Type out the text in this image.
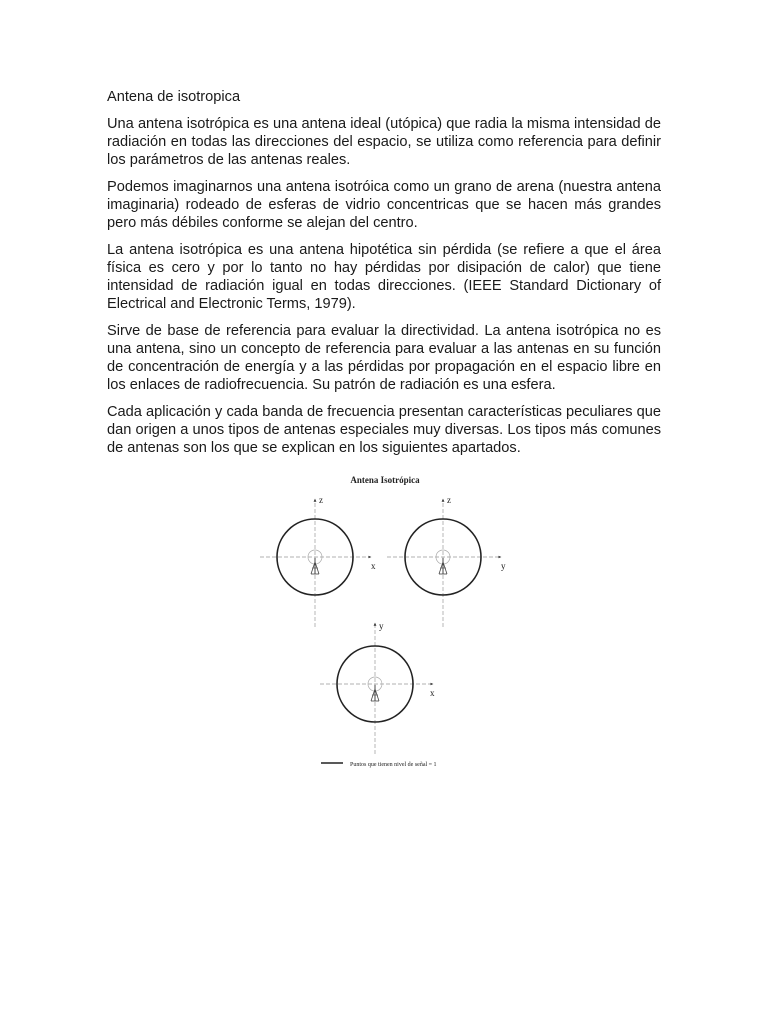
Antena de isotropica

Una antena isotrópica es una antena ideal (utópica) que radia la misma intensidad de radiación en todas las direcciones del espacio, se utiliza como referencia para definir los parámetros de las antenas reales.

Podemos imaginarnos una antena isotróica como un grano de arena (nuestra antena imaginaria) rodeado de esferas de vidrio concentricas que se hacen más grandes pero más débiles conforme se alejan del centro.

La antena isotrópica es una antena hipotética sin pérdida (se refiere a que el área física es cero y por lo tanto no hay pérdidas por disipación de calor) que tiene intensidad de radiación igual en todas direcciones. (IEEE Standard Dictionary of Electrical and Electronic Terms, 1979).

Sirve de base de referencia para evaluar la directividad. La antena isotrópica no es una antena, sino un concepto de referencia para evaluar a las antenas en su función de concentración de energía y a las pérdidas por propagación en el espacio libre en los enlaces de radiofrecuencia. Su patrón de radiación es una esfera.

Cada aplicación y cada banda de frecuencia presentan características peculiares que dan origen a unos tipos de antenas especiales muy diversas. Los tipos más comunes de antenas son los que se explican en los siguientes apartados.

Antena Isotrópica
z
x
z
y
y
x
Puntos que tienen nivel de señal = 1
